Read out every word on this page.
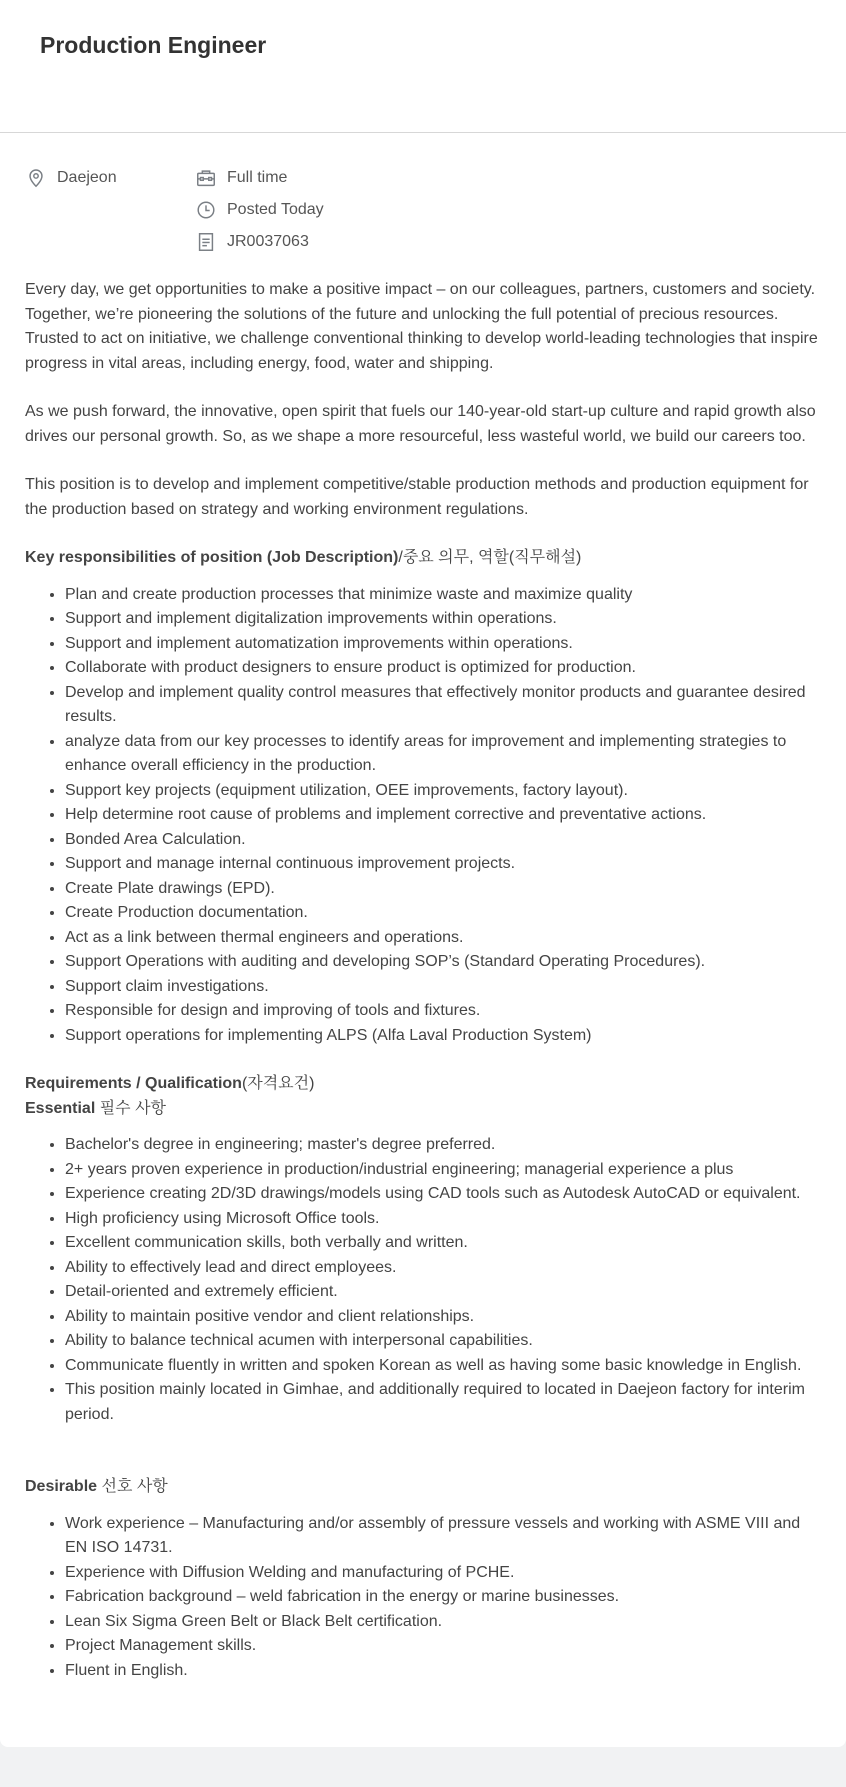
Production Engineer
Daejeon	Full time
Posted Today
JR0037063

Every day, we get opportunities to make a positive impact – on our colleagues, partners, customers and society. Together, we’re pioneering the solutions of the future and unlocking the full potential of precious resources. Trusted to act on initiative, we challenge conventional thinking to develop world-leading technologies that inspire progress in vital areas, including energy, food, water and shipping.

As we push forward, the innovative, open spirit that fuels our 140-year-old start-up culture and rapid growth also drives our personal growth. So, as we shape a more resourceful, less wasteful world, we build our careers too.

This position is to develop and implement competitive/stable production methods and production equipment for the production based on strategy and working environment regulations.

Key responsibilities of position (Job Description)/중요 의무, 역할(직무해설)

• Plan and create production processes that minimize waste and maximize quality
• Support and implement digitalization improvements within operations.
• Support and implement automatization improvements within operations.
• Collaborate with product designers to ensure product is optimized for production.
• Develop and implement quality control measures that effectively monitor products and guarantee desired results.
• analyze data from our key processes to identify areas for improvement and implementing strategies to enhance overall efficiency in the production.
• Support key projects (equipment utilization, OEE improvements, factory layout).
• Help determine root cause of problems and implement corrective and preventative actions.
• Bonded Area Calculation.
• Support and manage internal continuous improvement projects.
• Create Plate drawings (EPD).
• Create Production documentation.
• Act as a link between thermal engineers and operations.
• Support Operations with auditing and developing SOP’s (Standard Operating Procedures).
• Support claim investigations.
• Responsible for design and improving of tools and fixtures.
• Support operations for implementing ALPS (Alfa Laval Production System)

Requirements / Qualification(자격요건)

Essential 필수 사항

• Bachelor's degree in engineering; master's degree preferred.
• 2+ years proven experience in production/industrial engineering; managerial experience a plus
• Experience creating 2D/3D drawings/models using CAD tools such as Autodesk AutoCAD or equivalent.
• High proficiency using Microsoft Office tools.
• Excellent communication skills, both verbally and written.
• Ability to effectively lead and direct employees.
• Detail-oriented and extremely efficient.
• Ability to maintain positive vendor and client relationships.
• Ability to balance technical acumen with interpersonal capabilities.
• Communicate fluently in written and spoken Korean as well as having some basic knowledge in English.
• This position mainly located in Gimhae, and additionally required to located in Daejeon factory for interim period.

Desirable 선호 사항

• Work experience – Manufacturing and/or assembly of pressure vessels and working with ASME VIII and EN ISO 14731.
• Experience with Diffusion Welding and manufacturing of PCHE.
• Fabrication background – weld fabrication in the energy or marine businesses.
• Lean Six Sigma Green Belt or Black Belt certification.
• Project Management skills.
• Fluent in English.
